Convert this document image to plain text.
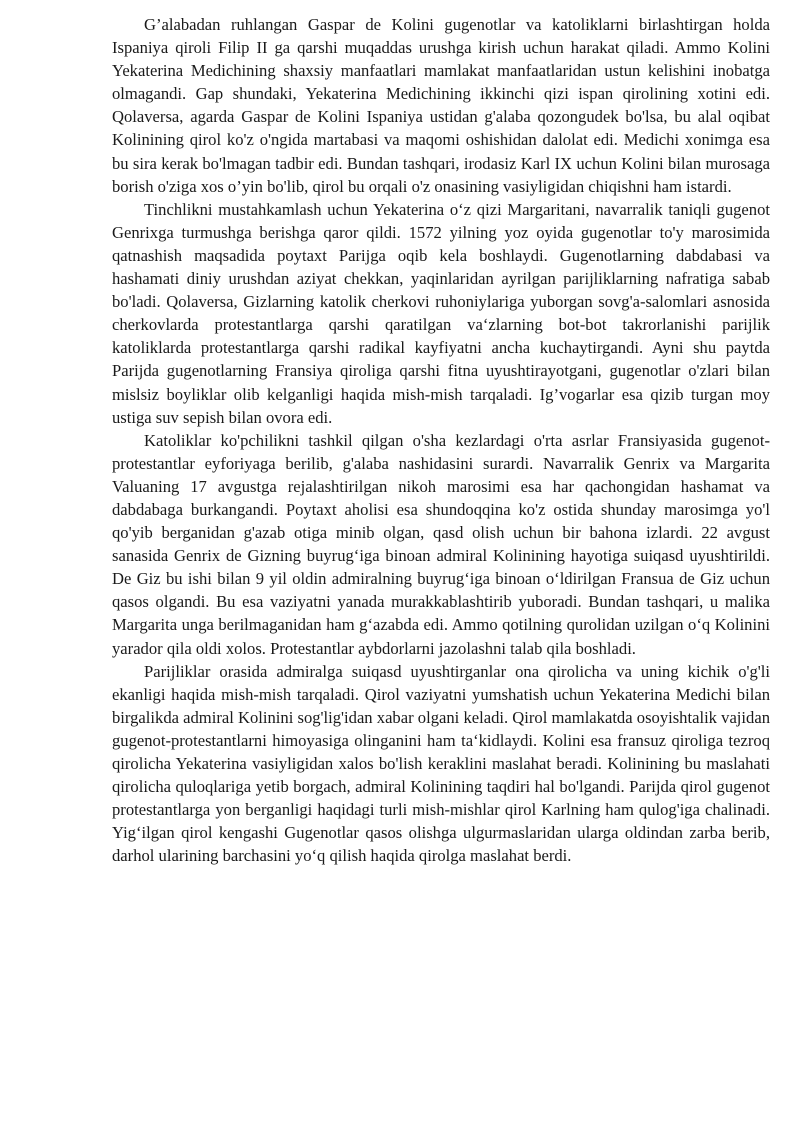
G’alabadan ruhlangan Gaspar de Kolini gugenotlar va katoliklarni birlashtirgan holda Ispaniya qiroli Filip II ga qarshi muqaddas urushga kirish uchun harakat qiladi. Ammo Kolini Yekaterina Medichining shaxsiy manfaatlari mamlakat manfaatlaridan ustun kelishini inobatga olmagandi. Gap shundaki, Yekaterina Medichining ikkinchi qizi ispan qirolining xotini edi. Qolaversa, agarda Gaspar de Kolini Ispaniya ustidan g'alaba qozongudek bo'lsa, bu alal oqibat Kolinining qirol ko'z o'ngida martabasi va maqomi oshishidan dalolat edi. Medichi xonimga esa bu sira kerak bo'lmagan tadbir edi. Bundan tashqari, irodasiz Karl IX uchun Kolini bilan murosaga borish o'ziga xos o’yin bo'lib, qirol bu orqali o'z onasining vasiyligidan chiqishni ham istardi.

Tinchlikni mustahkamlash uchun Yekaterina o‘z qizi Margaritani, navarralik taniqli gugenot Genrixga turmushga berishga qaror qildi. 1572 yilning yoz oyida gugenotlar to'y marosimida qatnashish maqsadida poytaxt Parijga oqib kela boshlaydi. Gugenotlarning dabdabasi va hashamati diniy urushdan aziyat chekkan, yaqinlaridan ayrilgan parijliklarning nafratiga sabab bo'ladi. Qolaversa, Gizlarning katolik cherkovi ruhoniylariga yuborgan sovg'a-salomlari asnosida cherkovlarda protestantlarga qarshi qaratilgan va‘zlarning bot-bot takrorlanishi parijlik katoliklarda protestantlarga qarshi radikal kayfiyatni ancha kuchaytirgandi. Ayni shu paytda Parijda gugenotlarning Fransiya qiroliga qarshi fitna uyushtirayotgani, gugenotlar o'zlari bilan mislsiz boyliklar olib kelganligi haqida mish-mish tarqaladi. Ig’vogarlar esa qizib turgan moy ustiga suv sepish bilan ovora edi.

Katoliklar ko'pchilikni tashkil qilgan o'sha kezlardagi o'rta asrlar Fransiyasida gugenot-protestantlar eyforiyaga berilib, g'alaba nashidasini surardi. Navarralik Genrix va Margarita Valuaning 17 avgustga rejalashtirilgan nikoh marosimi esa har qachongidan hashamat va dabdabaga burkangandi. Poytaxt aholisi esa shundoqqina ko'z ostida shunday marosimga yo'l qo'yib berganidan g'azab otiga minib olgan, qasd olish uchun bir bahona izlardi. 22 avgust sanasida Genrix de Gizning buyrug‘iga binoan admiral Kolinining hayotiga suiqasd uyushtirildi. De Giz bu ishi bilan 9 yil oldin admiralning buyrug‘iga binoan o‘ldirilgan Fransua de Giz uchun qasos olgandi. Bu esa vaziyatni yanada murakkablashtirib yuboradi. Bundan tashqari, u malika Margarita unga berilmaganidan ham g‘azabda edi. Ammo qotilning qurolidan uzilgan o‘q Kolinini yarador qila oldi xolos. Protestantlar aybdorlarni jazolashni talab qila boshladi.

Parijliklar orasida admiralga suiqasd uyushtirganlar ona qirolicha va uning kichik o'g'li ekanligi haqida mish-mish tarqaladi. Qirol vaziyatni yumshatish uchun Yekaterina Medichi bilan birgalikda admiral Kolinini sog'lig'idan xabar olgani keladi. Qirol mamlakatda osoyishtalik vajidan gugenot-protestantlarni himoyasiga olinganini ham ta‘kidlaydi. Kolini esa fransuz qiroliga tezroq qirolicha Yekaterina vasiyligidan xalos bo'lish keraklini maslahat beradi. Kolinining bu maslahati qirolicha quloqlariga yetib borgach, admiral Kolinining taqdiri hal bo'lgandi. Parijda qirol gugenot protestantlarga yon berganligi haqidagi turli mish-mishlar qirol Karlning ham qulog'iga chalinadi. Yig‘ilgan qirol kengashi Gugenotlar qasos olishga ulgurmaslaridan ularga oldindan zarba berib, darhol ularining barchasini yo‘q qilish haqida qirolga maslahat berdi.
